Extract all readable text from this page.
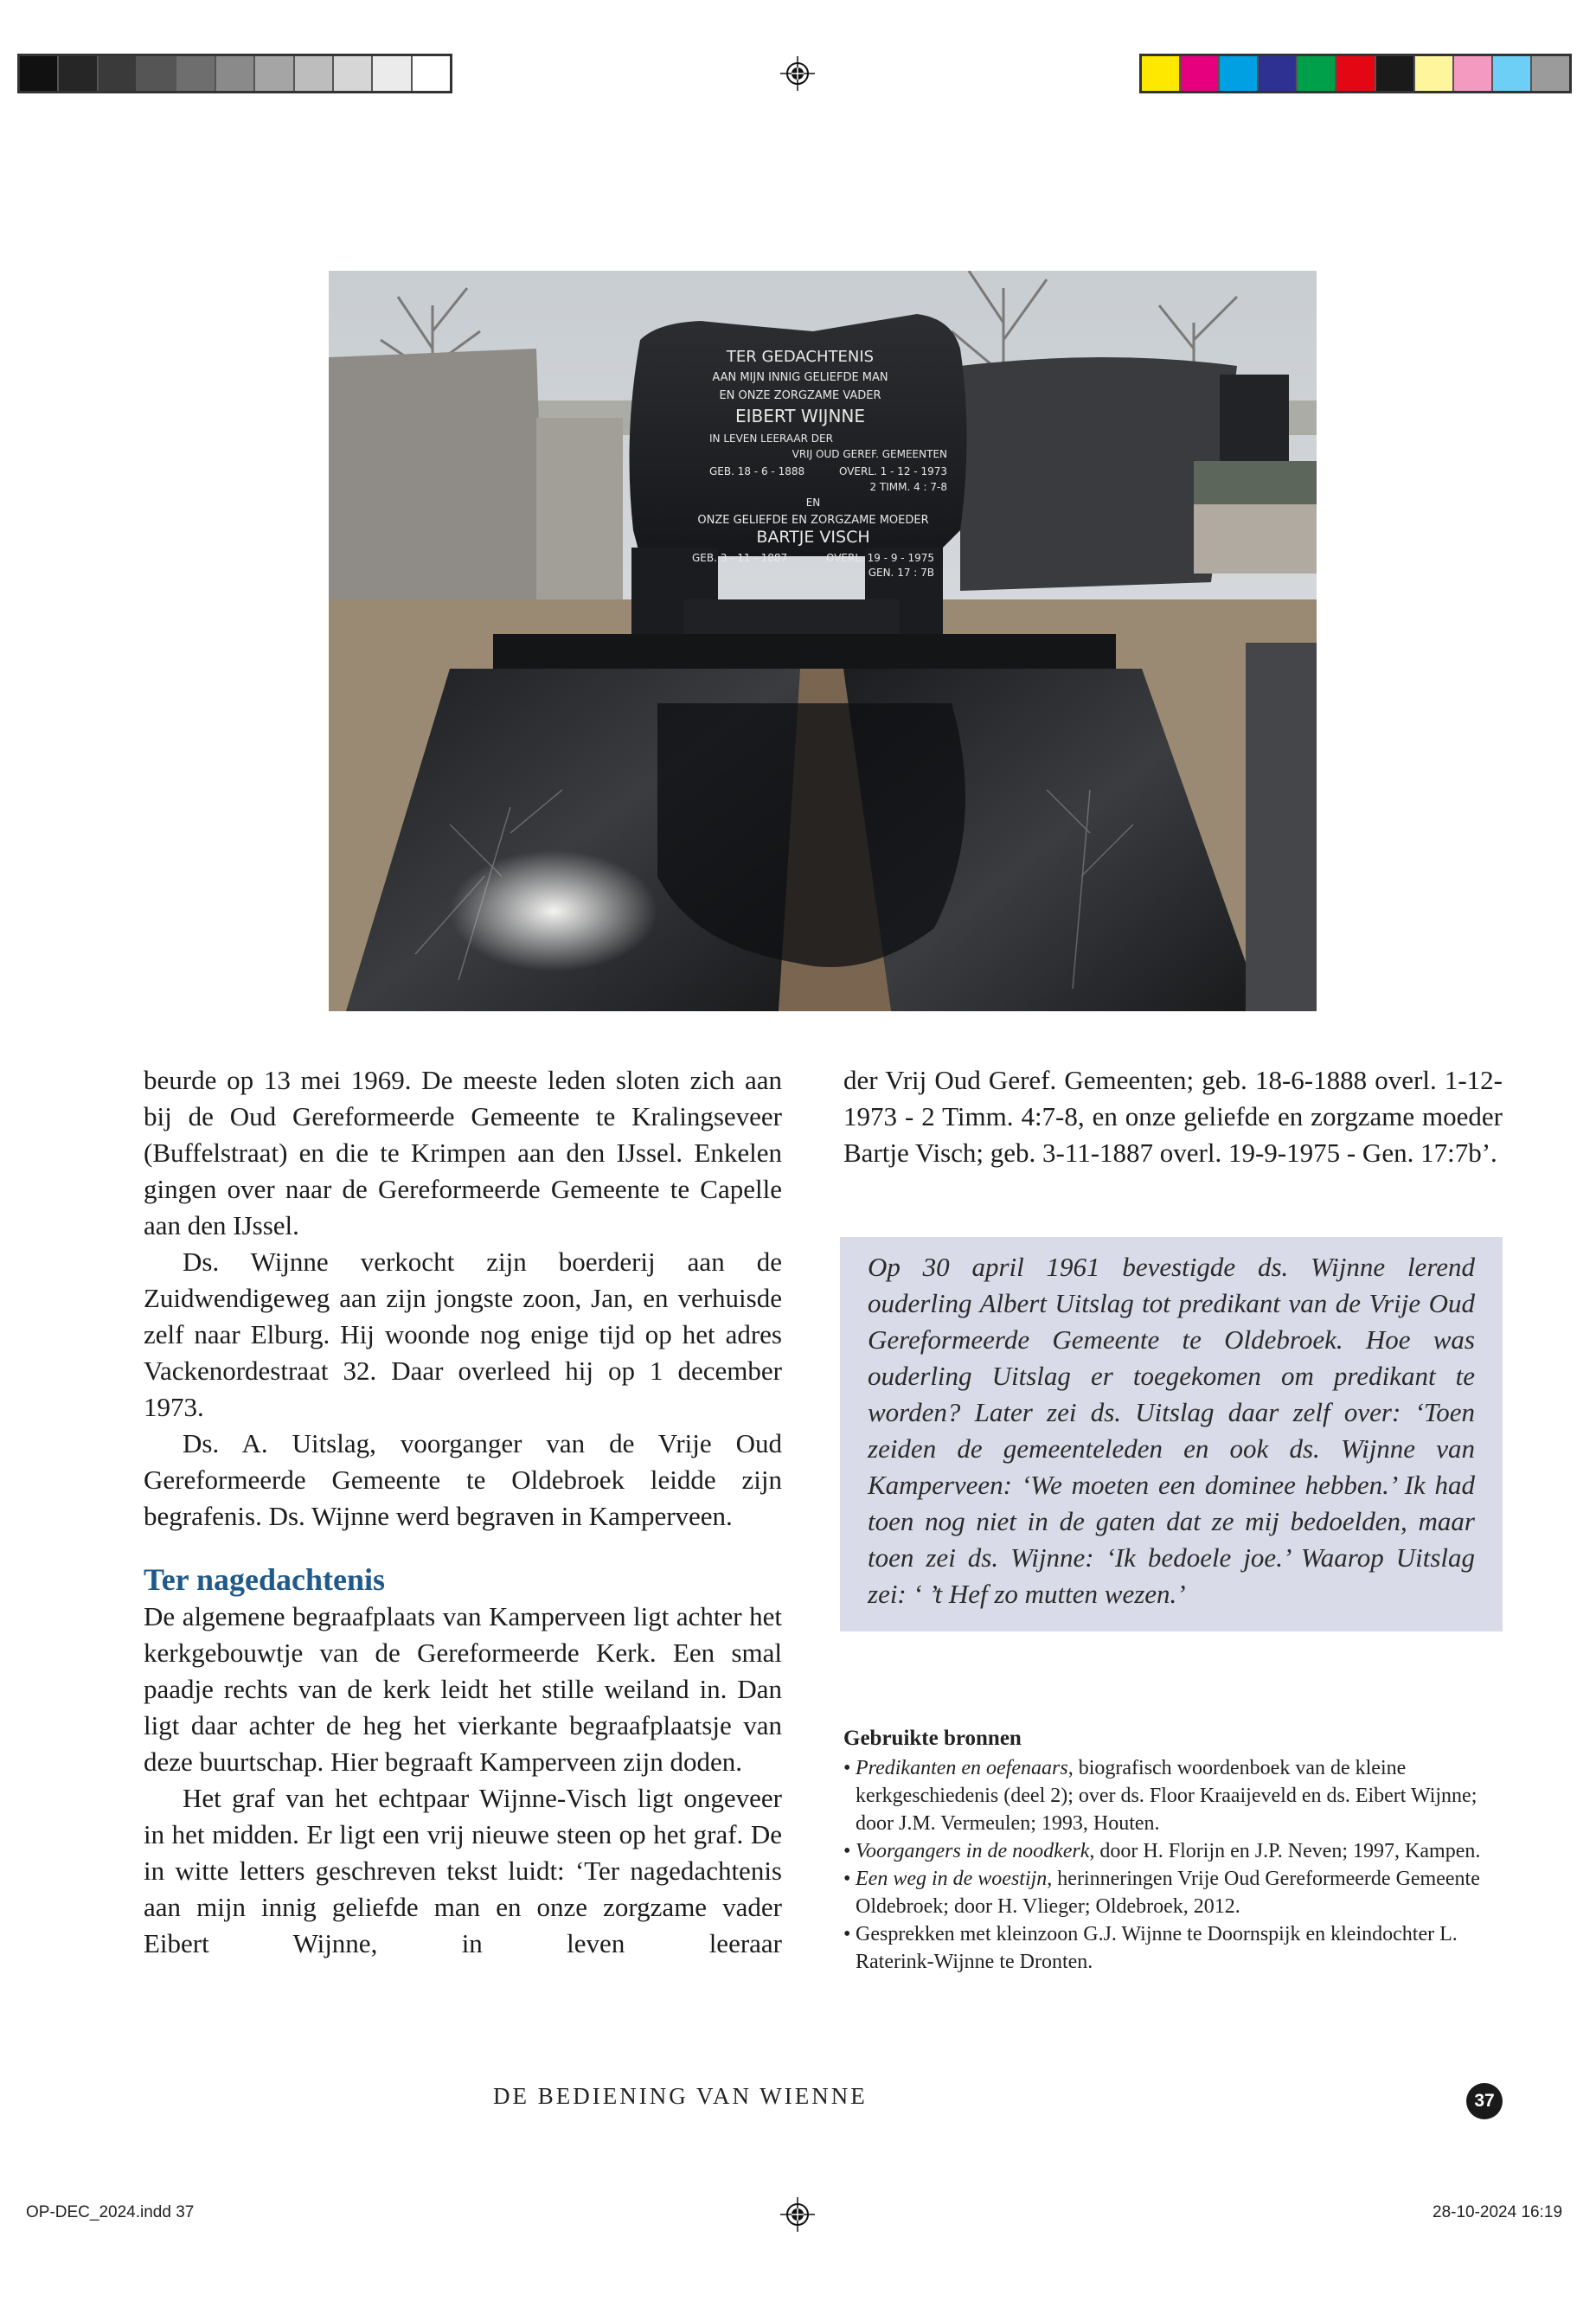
TER GEDACHTENIS
AAN MIJN INNIG GELIEFDE MAN
EN ONZE ZORGZAME VADER
EIBERT WIJNNE
IN LEVEN LEERAAR DER
VRIJ OUD GEREF. GEMEENTEN
GEB. 18 - 6 - 1888	OVERL. 1 - 12 - 1973
2 TIMM. 4 : 7-8
EN
ONZE GELIEFDE EN ZORGZAME MOEDER
BARTJE VISCH
GEB. 3 - 11 - 1887	OVERL. 19 - 9 - 1975
GEN. 17 : 7B

beurde op 13 mei 1969. De meeste leden sloten zich aan bij de Oud Gereformeerde Gemeente te Kralingseveer (Buffelstraat) en die te Krimpen aan den IJssel. Enkelen gingen over naar de Gereformeerde Gemeente te Capelle aan den IJssel.

Ds. Wijnne verkocht zijn boerderij aan de Zuidwendigeweg aan zijn jongste zoon, Jan, en verhuisde zelf naar Elburg. Hij woonde nog enige tijd op het adres Vackenordestraat 32. Daar overleed hij op 1 december 1973.

Ds. A. Uitslag, voorganger van de Vrije Oud Gereformeerde Gemeente te Oldebroek leidde zijn begrafenis. Ds. Wijnne werd begraven in Kamperveen.

Ter nagedachtenis

De algemene begraafplaats van Kamperveen ligt achter het kerkgebouwtje van de Gereformeerde Kerk. Een smal paadje rechts van de kerk leidt het stille weiland in. Dan ligt daar achter de heg het vierkante begraafplaatsje van deze buurtschap. Hier begraaft Kamperveen zijn doden.

Het graf van het echtpaar Wijnne-Visch ligt ongeveer in het midden. Er ligt een vrij nieuwe steen op het graf. De in witte letters geschreven tekst luidt: ‘Ter nagedachtenis aan mijn innig geliefde man en onze zorgzame vader Eibert Wijnne, in leven leeraar

der Vrij Oud Geref. Gemeenten; geb. 18-6-1888 overl. 1-12-1973 - 2 Timm. 4:7-8, en onze geliefde en zorgzame moeder Bartje Visch; geb. 3-11-1887 overl. 19-9-1975 - Gen. 17:7b’.

Op 30 april 1961 bevestigde ds. Wijnne lerend ouderling Albert Uitslag tot predikant van de Vrije Oud Gereformeerde Gemeente te Oldebroek. Hoe was ouderling Uitslag er toegekomen om predikant te worden? Later zei ds. Uitslag daar zelf over: ‘Toen zeiden de gemeenteleden en ook ds. Wijnne van Kamperveen: ‘We moeten een dominee hebben.’ Ik had toen nog niet in de gaten dat ze mij bedoelden, maar toen zei ds. Wijnne: ‘Ik bedoele joe.’ Waarop Uitslag zei: ‘ ’t Hef zo mutten wezen.’

Gebruikte bronnen
• Predikanten en oefenaars, biografisch woordenboek van de kleine kerkgeschiedenis (deel 2); over ds. Floor Kraaijeveld en ds. Eibert Wijnne; door J.M. Vermeulen; 1993, Houten.
• Voorgangers in de noodkerk, door H. Florijn en J.P. Neven; 1997, Kampen.
• Een weg in de woestijn, herinneringen Vrije Oud Gereformeerde Gemeente Oldebroek; door H. Vlieger; Oldebroek, 2012.
• Gesprekken met kleinzoon G.J. Wijnne te Doornspijk en kleindochter L. Raterink-Wijnne te Dronten.
DE BEDIENING VAN WIENNE	37
OP-DEC_2024.indd 37	28-10-2024 16:19
